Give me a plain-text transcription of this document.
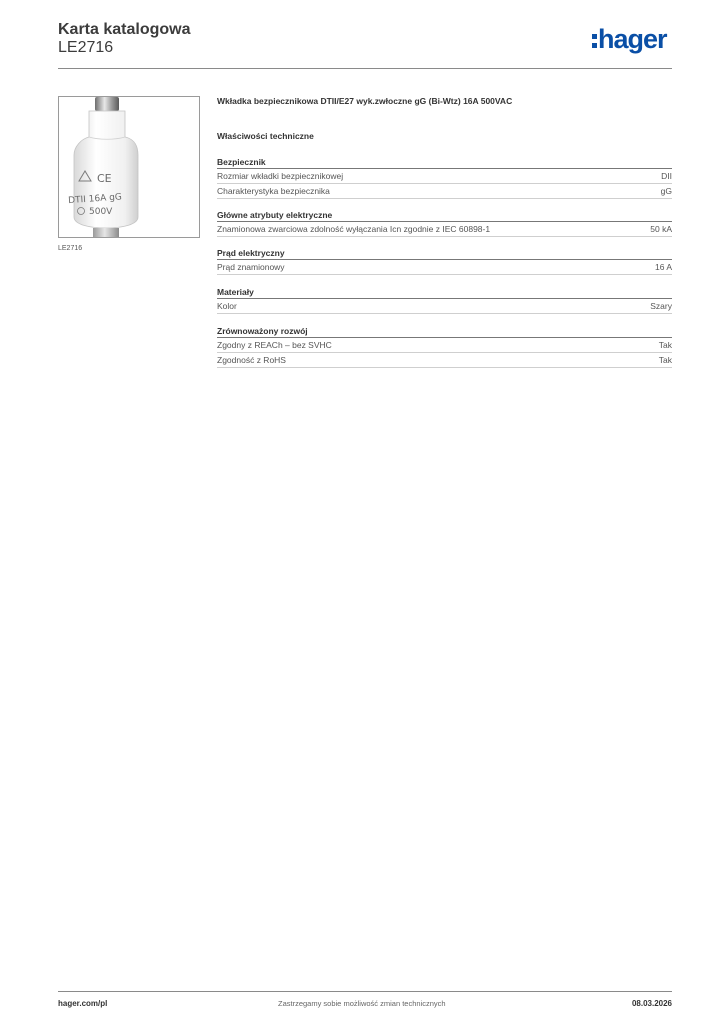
Karta katalogowa
LE2716	hager
CE
DTII 16A gG
500V
LE2716
Wkładka bezpiecznikowa DTII/E27 wyk.zwłoczne gG (Bi-Wtz) 16A 500VAC
Właściwości techniczne
Bezpiecznik
Rozmiar wkładki bezpiecznikowej	DII
Charakterystyka bezpiecznika	gG
Główne atrybuty elektryczne
Znamionowa zwarciowa zdolność wyłączania Icn zgodnie z IEC 60898-1	50 kA
Prąd elektryczny
Prąd znamionowy	16 A
Materiały
Kolor	Szary
Zrównoważony rozwój
Zgodny z REACh – bez SVHC	Tak
Zgodność z RoHS	Tak
hager.com/pl	Zastrzegamy sobie możliwość zmian technicznych	08.03.2026
